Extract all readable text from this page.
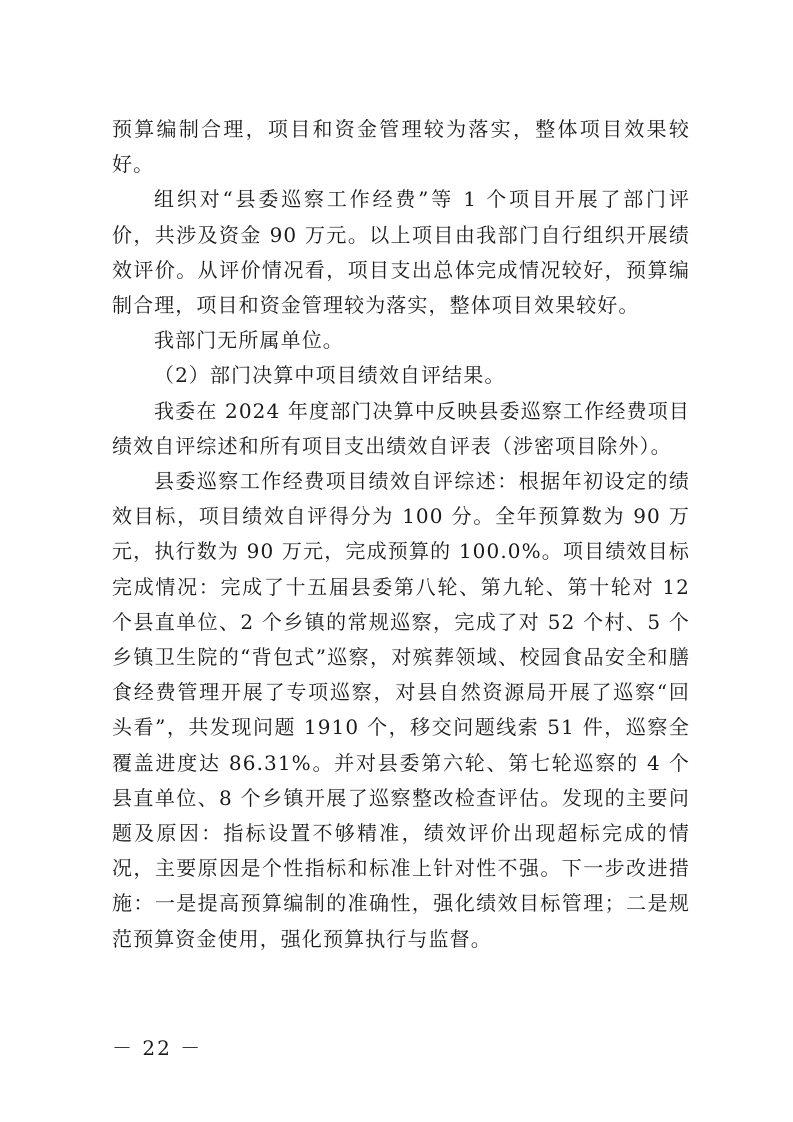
预算编制合理，项目和资金管理较为落实，整体项目效果较好。

组织对“县委巡察工作经费”等 1 个项目开展了部门评价，共涉及资金 90 万元。以上项目由我部门自行组织开展绩效评价。从评价情况看，项目支出总体完成情况较好，预算编制合理，项目和资金管理较为落实，整体项目效果较好。

我部门无所属单位。

（2）部门决算中项目绩效自评结果。

我委在 2024 年度部门决算中反映县委巡察工作经费项目绩效自评综述和所有项目支出绩效自评表（涉密项目除外）。

县委巡察工作经费项目绩效自评综述：根据年初设定的绩效目标，项目绩效自评得分为 100 分。全年预算数为 90 万元，执行数为 90 万元，完成预算的 100.0%。项目绩效目标完成情况：完成了十五届县委第八轮、第九轮、第十轮对 12 个县直单位、2 个乡镇的常规巡察，完成了对 52 个村、5 个乡镇卫生院的“背包式”巡察，对殡葬领域、校园食品安全和膳食经费管理开展了专项巡察，对县自然资源局开展了巡察“回头看”，共发现问题 1910 个，移交问题线索 51 件，巡察全覆盖进度达 86.31%。并对县委第六轮、第七轮巡察的 4 个县直单位、8 个乡镇开展了巡察整改检查评估。发现的主要问题及原因：指标设置不够精准，绩效评价出现超标完成的情况，主要原因是个性指标和标准上针对性不强。下一步改进措施：一是提高预算编制的准确性，强化绩效目标管理；二是规范预算资金使用，强化预算执行与监督。

－ 22 －
